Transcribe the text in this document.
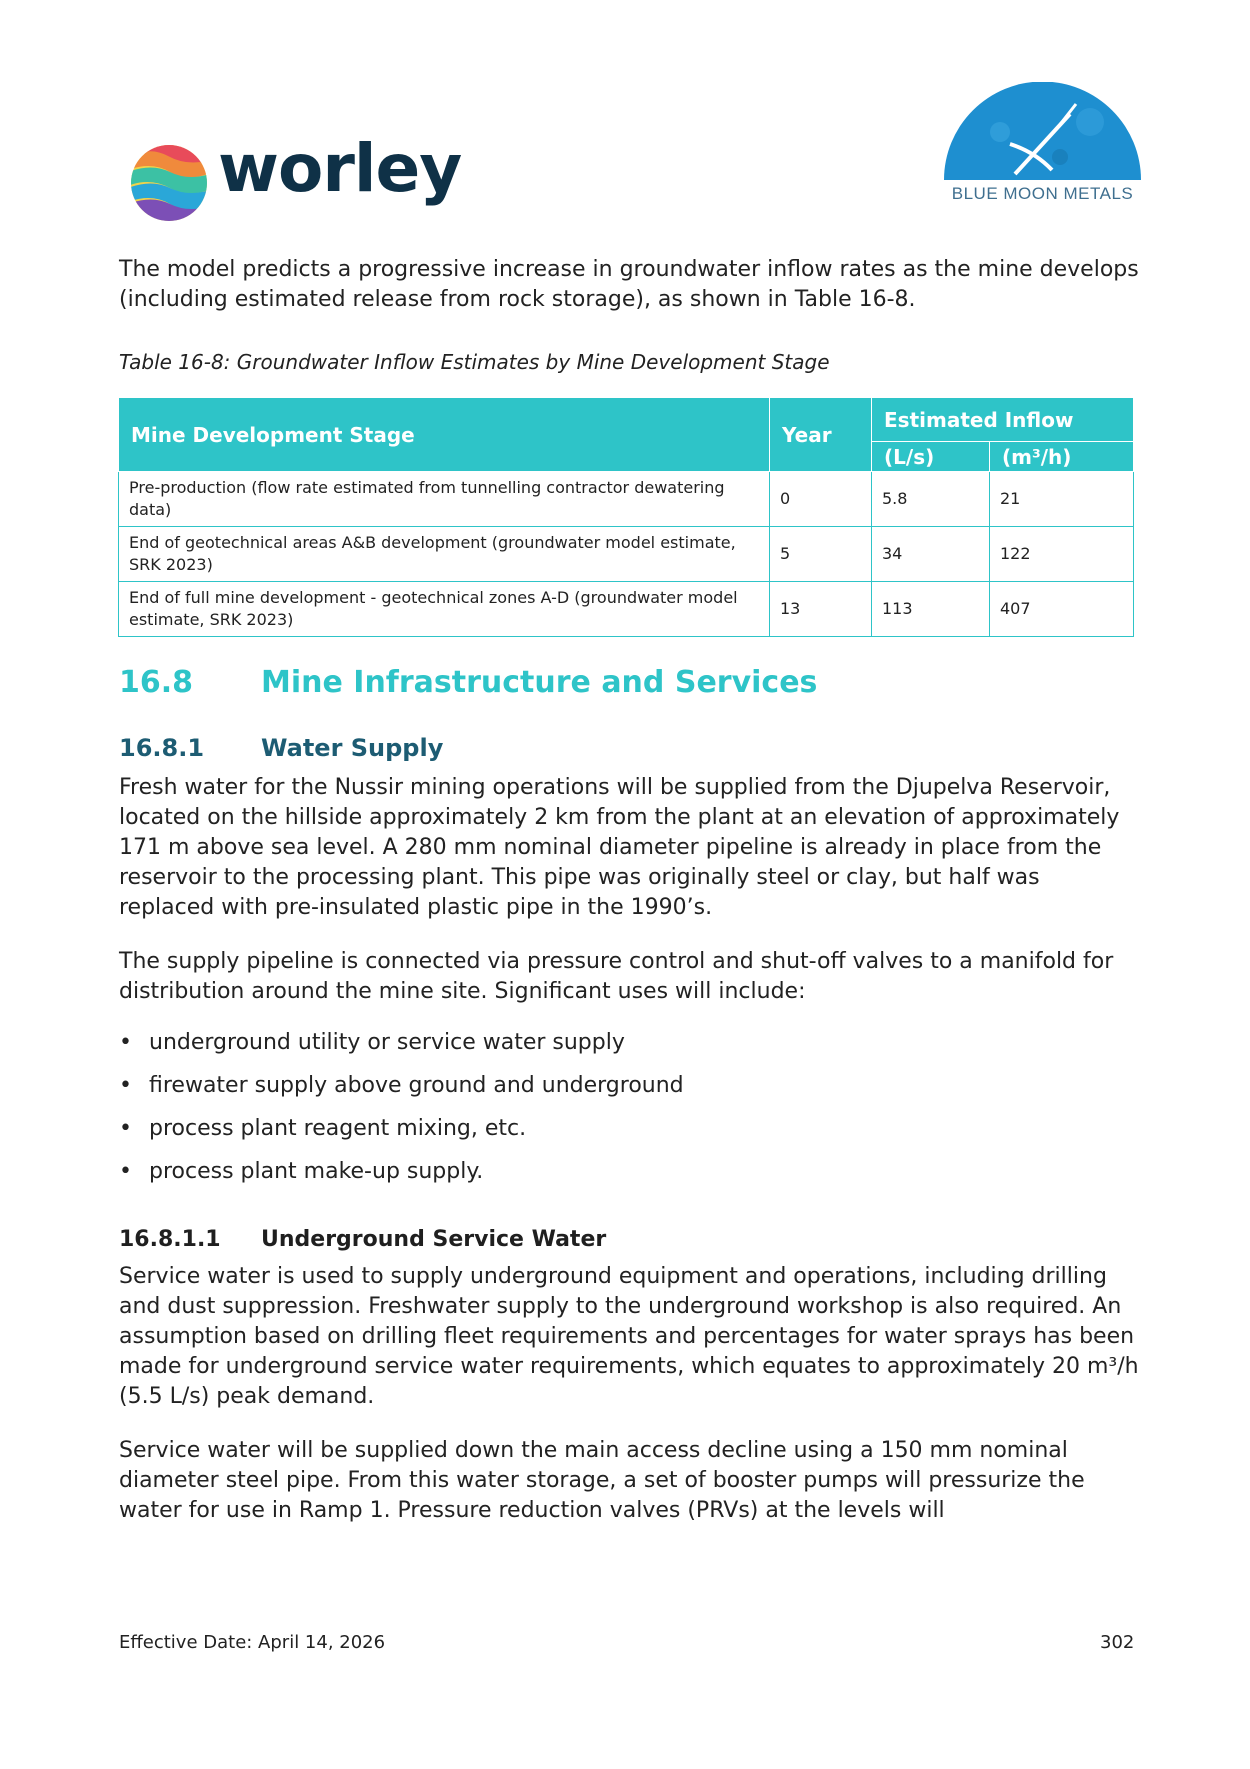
worley	BLUE MOON METALS

The model predicts a progressive increase in groundwater inflow rates as the mine develops (including estimated release from rock storage), as shown in Table 16-8.

Table 16-8: Groundwater Inflow Estimates by Mine Development Stage

Mine Development Stage	Year	Estimated Inflow	
		(L/s)	(m³/h)
Pre-production (flow rate estimated from tunnelling contractor dewatering data)	0	5.8	21
End of geotechnical areas A&B development (groundwater model estimate, SRK 2023)	5	34	122
End of full mine development - geotechnical zones A-D (groundwater model estimate, SRK 2023)	13	113	407
16.8 Mine Infrastructure and Services
16.8.1 Water Supply

Fresh water for the Nussir mining operations will be supplied from the Djupelva Reservoir, located on the hillside approximately 2 km from the plant at an elevation of approximately 171 m above sea level. A 280 mm nominal diameter pipeline is already in place from the reservoir to the processing plant. This pipe was originally steel or clay, but half was replaced with pre-insulated plastic pipe in the 1990’s.

The supply pipeline is connected via pressure control and shut-off valves to a manifold for distribution around the mine site. Significant uses will include:

• underground utility or service water supply
• firewater supply above ground and underground
• process plant reagent mixing, etc.
• process plant make-up supply.
16.8.1.1 Underground Service Water

Service water is used to supply underground equipment and operations, including drilling and dust suppression. Freshwater supply to the underground workshop is also required. An assumption based on drilling fleet requirements and percentages for water sprays has been made for underground service water requirements, which equates to approximately 20 m³/h (5.5 L/s) peak demand.

Service water will be supplied down the main access decline using a 150 mm nominal diameter steel pipe. From this water storage, a set of booster pumps will pressurize the water for use in Ramp 1. Pressure reduction valves (PRVs) at the levels will

Effective Date: April 14, 2026	302
